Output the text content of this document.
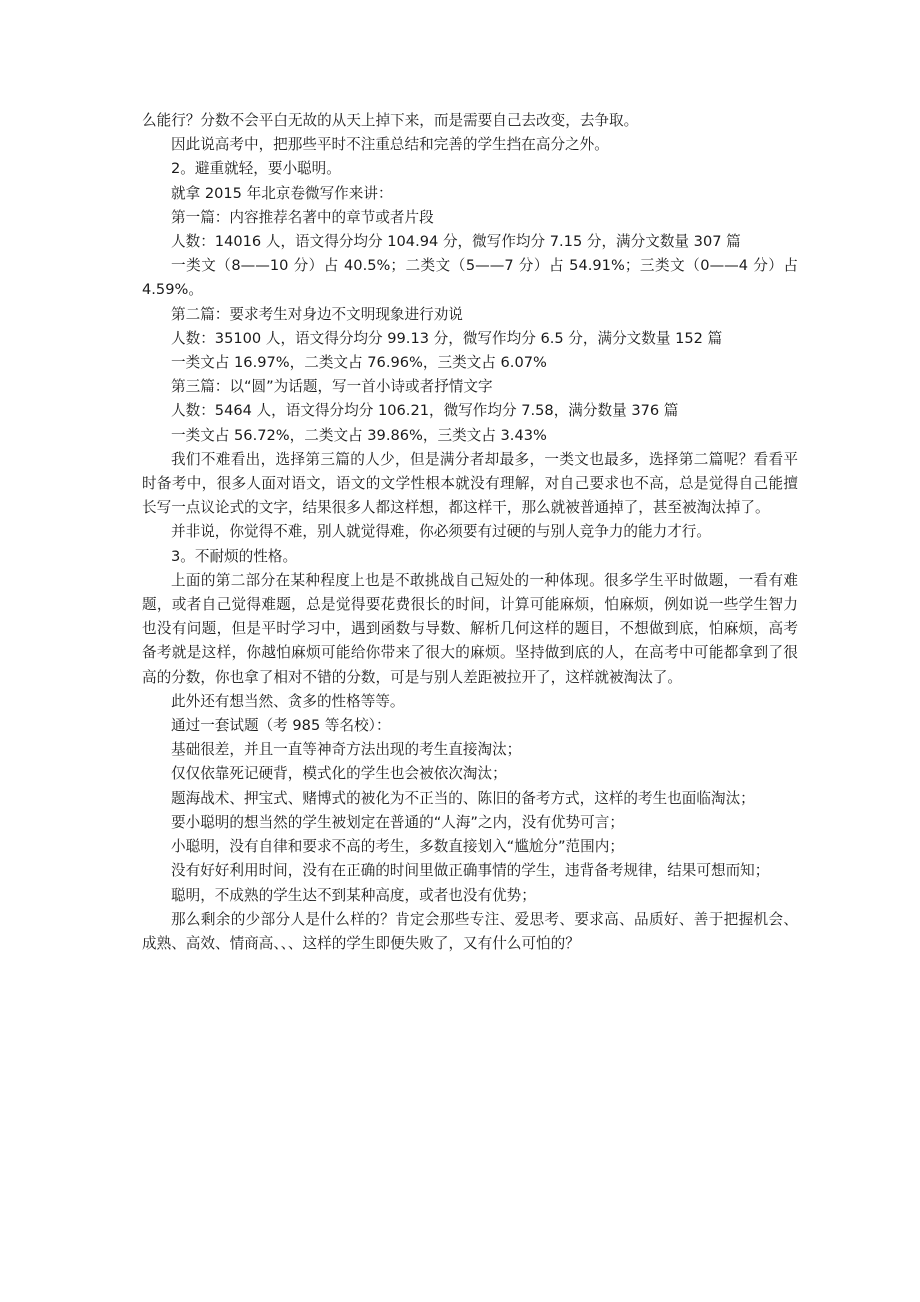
么能行？分数不会平白无故的从天上掉下来，而是需要自己去改变，去争取。

因此说高考中，把那些平时不注重总结和完善的学生挡在高分之外。

2。避重就轻，要小聪明。

就拿 2015 年北京卷微写作来讲：

第一篇：内容推荐名著中的章节或者片段

人数：14016 人，语文得分均分 104.94 分，微写作均分 7.15 分，满分文数量 307 篇

一类文（8——10 分）占 40.5%；二类文（5——7 分）占 54.91%；三类文（0——4 分）占 4.59%。

第二篇：要求考生对身边不文明现象进行劝说

人数：35100 人，语文得分均分 99.13 分，微写作均分 6.5 分，满分文数量 152 篇

一类文占 16.97%，二类文占 76.96%，三类文占 6.07%

第三篇：以“圆”为话题，写一首小诗或者抒情文字

人数：5464 人，语文得分均分 106.21，微写作均分 7.58，满分数量 376 篇

一类文占 56.72%，二类文占 39.86%，三类文占 3.43%

我们不难看出，选择第三篇的人少，但是满分者却最多，一类文也最多，选择第二篇呢？看看平时备考中，很多人面对语文，语文的文学性根本就没有理解，对自己要求也不高，总是觉得自己能擅长写一点议论式的文字，结果很多人都这样想，都这样干，那么就被普通掉了，甚至被淘汰掉了。

并非说，你觉得不难，别人就觉得难，你必须要有过硬的与别人竞争力的能力才行。

3。不耐烦的性格。

上面的第二部分在某种程度上也是不敢挑战自己短处的一种体现。很多学生平时做题，一看有难题，或者自己觉得难题，总是觉得要花费很长的时间，计算可能麻烦，怕麻烦，例如说一些学生智力也没有问题，但是平时学习中，遇到函数与导数、解析几何这样的题目，不想做到底，怕麻烦，高考备考就是这样，你越怕麻烦可能给你带来了很大的麻烦。坚持做到底的人，在高考中可能都拿到了很高的分数，你也拿了相对不错的分数，可是与别人差距被拉开了，这样就被淘汰了。

此外还有想当然、贪多的性格等等。

通过一套试题（考 985 等名校）：

基础很差，并且一直等神奇方法出现的考生直接淘汰；

仅仅依靠死记硬背，模式化的学生也会被依次淘汰；

题海战术、押宝式、赌博式的被化为不正当的、陈旧的备考方式，这样的考生也面临淘汰；

要小聪明的想当然的学生被划定在普通的“人海”之内，没有优势可言；

小聪明，没有自律和要求不高的考生，多数直接划入“尴尬分”范围内；

没有好好利用时间，没有在正确的时间里做正确事情的学生，违背备考规律，结果可想而知；

聪明，不成熟的学生达不到某种高度，或者也没有优势；

那么剩余的少部分人是什么样的？肯定会那些专注、爱思考、要求高、品质好、善于把握机会、成熟、高效、情商高、、、这样的学生即便失败了，又有什么可怕的？
